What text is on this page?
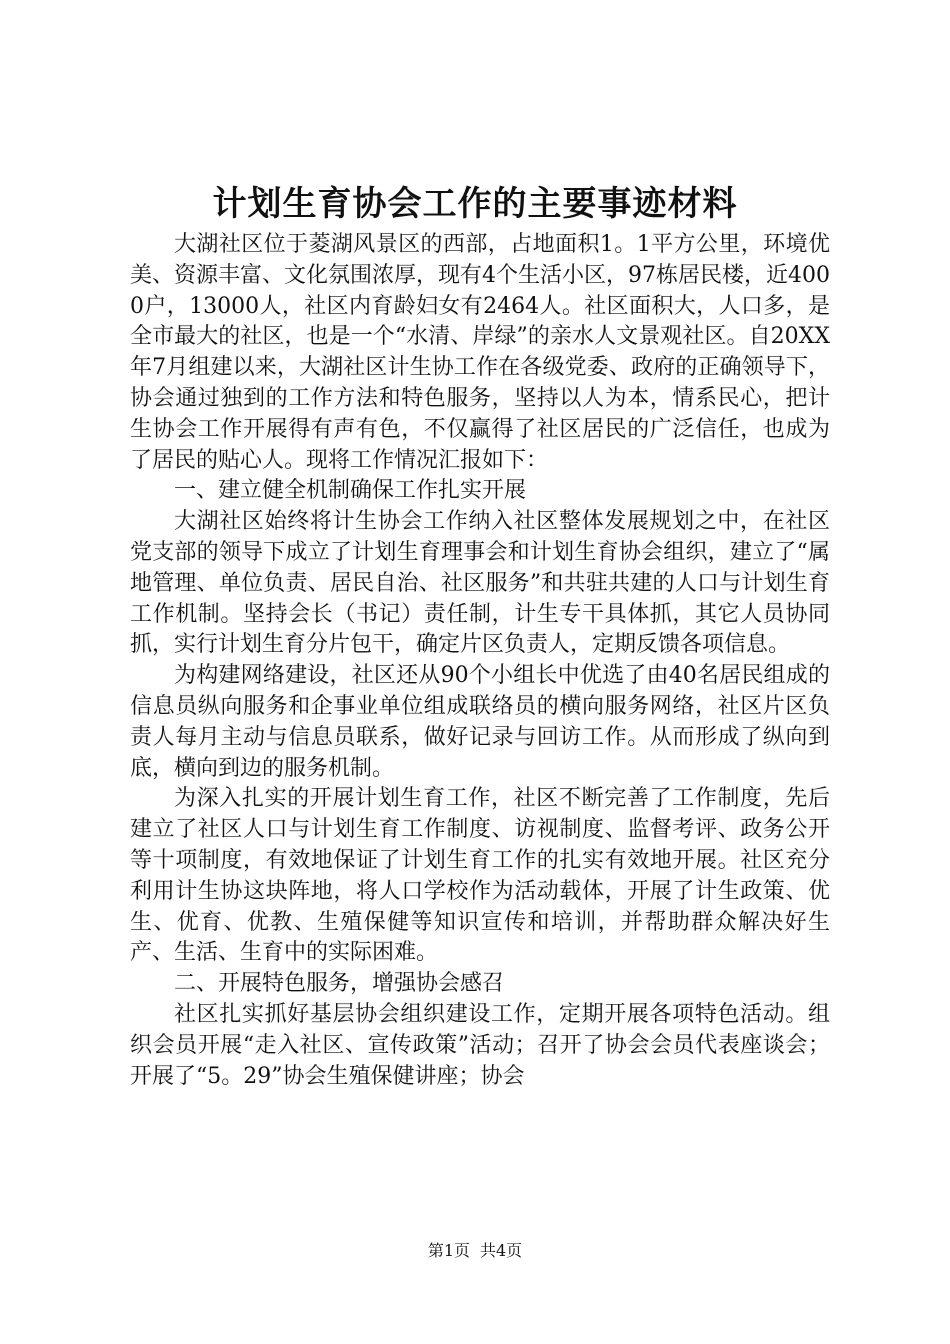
计划生育协会工作的主要事迹材料

大湖社区位于菱湖风景区的西部，占地面积1。1平方公里，环境优美、资源丰富、文化氛围浓厚，现有4个生活小区，97栋居民楼，近4000户，13000人，社区内育龄妇女有2464人。社区面积大，人口多，是全市最大的社区，也是一个“水清、岸绿”的亲水人文景观社区。自20XX年7月组建以来，大湖社区计生协工作在各级党委、政府的正确领导下，协会通过独到的工作方法和特色服务，坚持以人为本，情系民心，把计生协会工作开展得有声有色，不仅赢得了社区居民的广泛信任，也成为了居民的贴心人。现将工作情况汇报如下：

一、建立健全机制确保工作扎实开展

大湖社区始终将计生协会工作纳入社区整体发展规划之中，在社区党支部的领导下成立了计划生育理事会和计划生育协会组织，建立了“属地管理、单位负责、居民自治、社区服务”和共驻共建的人口与计划生育工作机制。坚持会长（书记）责任制，计生专干具体抓，其它人员协同抓，实行计划生育分片包干，确定片区负责人，定期反馈各项信息。

为构建网络建设，社区还从90个小组长中优选了由40名居民组成的信息员纵向服务和企事业单位组成联络员的横向服务网络，社区片区负责人每月主动与信息员联系，做好记录与回访工作。从而形成了纵向到底，横向到边的服务机制。

为深入扎实的开展计划生育工作，社区不断完善了工作制度，先后建立了社区人口与计划生育工作制度、访视制度、监督考评、政务公开等十项制度，有效地保证了计划生育工作的扎实有效地开展。社区充分利用计生协这块阵地，将人口学校作为活动载体，开展了计生政策、优生、优育、优教、生殖保健等知识宣传和培训，并帮助群众解决好生产、生活、生育中的实际困难。

二、开展特色服务，增强协会感召

社区扎实抓好基层协会组织建设工作，定期开展各项特色活动。组织会员开展“走入社区、宣传政策”活动；召开了协会会员代表座谈会；开展了“5。29”协会生殖保健讲座；协会

第1页 共4页
